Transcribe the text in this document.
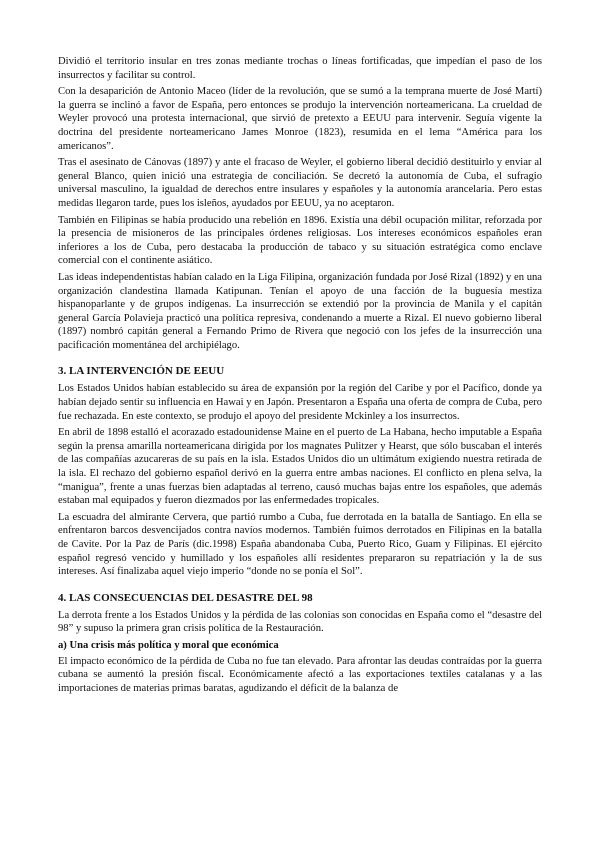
Dividió el territorio insular en tres zonas mediante trochas o líneas fortificadas, que impedían el paso de los insurrectos y facilitar su control.

Con la desaparición de Antonio Maceo (líder de la revolución, que se sumó a la temprana muerte de José Martí) la guerra se inclinó a favor de España, pero entonces se produjo la intervención norteamericana. La crueldad de Weyler provocó una protesta internacional, que sirvió de pretexto a EEUU para intervenir. Seguía vigente la doctrina del presidente norteamericano James Monroe (1823), resumida en el lema “América para los americanos”.

Tras el asesinato de Cánovas (1897) y ante el fracaso de Weyler, el gobierno liberal decidió destituirlo y enviar al general Blanco, quien inició una estrategia de conciliación. Se decretó la autonomía de Cuba, el sufragio universal masculino, la igualdad de derechos entre insulares y españoles y la autonomía arancelaria. Pero estas medidas llegaron tarde, pues los isleños, ayudados por EEUU, ya no aceptaron.

También en Filipinas se había producido una rebelión en 1896. Existía una débil ocupación militar, reforzada por la presencia de misioneros de las principales órdenes religiosas. Los intereses económicos españoles eran inferiores a los de Cuba, pero destacaba la producción de tabaco y su situación estratégica como enclave comercial con el continente asiático.

Las ideas independentistas habían calado en la Liga Filipina, organización fundada por José Rizal (1892) y en una organización clandestina llamada Katipunan. Tenían el apoyo de una facción de la buguesía mestiza hispanoparlante y de grupos indígenas. La insurrección se extendió por la provincia de Manila y el capitán general García Polavieja practicó una política represiva, condenando a muerte a Rizal. El nuevo gobierno liberal (1897) nombró capitán general a Fernando Primo de Rivera que negoció con los jefes de la insurrección una pacificación momentánea del archipiélago.

3. LA INTERVENCIÓN DE EEUU

Los Estados Unidos habían establecido su área de expansión por la región del Caribe y por el Pacífico, donde ya habían dejado sentir su influencia en Hawai y en Japón. Presentaron a España una oferta de compra de Cuba, pero fue rechazada. En este contexto, se produjo el apoyo del presidente Mckinley a los insurrectos.

En abril de 1898 estalló el acorazado estadounidense Maine en el puerto de La Habana, hecho imputable a España según la prensa amarilla norteamericana dirigida por los magnates Pulitzer y Hearst, que sólo buscaban el interés de las compañías azucareras de su país en la isla. Estados Unidos dio un ultimátum exigiendo nuestra retirada de la isla. El rechazo del gobierno español derivó en la guerra entre ambas naciones. El conflicto en plena selva, la “manigua”, frente a unas fuerzas bien adaptadas al terreno, causó muchas bajas entre los españoles, que además estaban mal equipados y fueron diezmados por las enfermedades tropicales.

La escuadra del almirante Cervera, que partió rumbo a Cuba, fue derrotada en la batalla de Santiago. En ella se enfrentaron barcos desvencijados contra navíos modernos. También fuimos derrotados en Filipinas en la batalla de Cavite. Por la Paz de París (dic.1998) España abandonaba Cuba, Puerto Rico, Guam y Filipinas. El ejército español regresó vencido y humillado y los españoles allí residentes prepararon su repatriación y la de sus intereses. Así finalizaba aquel viejo imperio “donde no se ponía el Sol”.

4. LAS CONSECUENCIAS DEL DESASTRE DEL 98

La derrota frente a los Estados Unidos y la pérdida de las colonias son conocidas en España como el “desastre del 98” y supuso la primera gran crisis política de la Restauración.

a) Una crisis más política y moral que económica

El impacto económico de la pérdida de Cuba no fue tan elevado. Para afrontar las deudas contraídas por la guerra cubana se aumentó la presión fiscal. Económicamente afectó a las exportaciones textiles catalanas y a las importaciones de materias primas baratas, agudizando el déficit de la balanza de
